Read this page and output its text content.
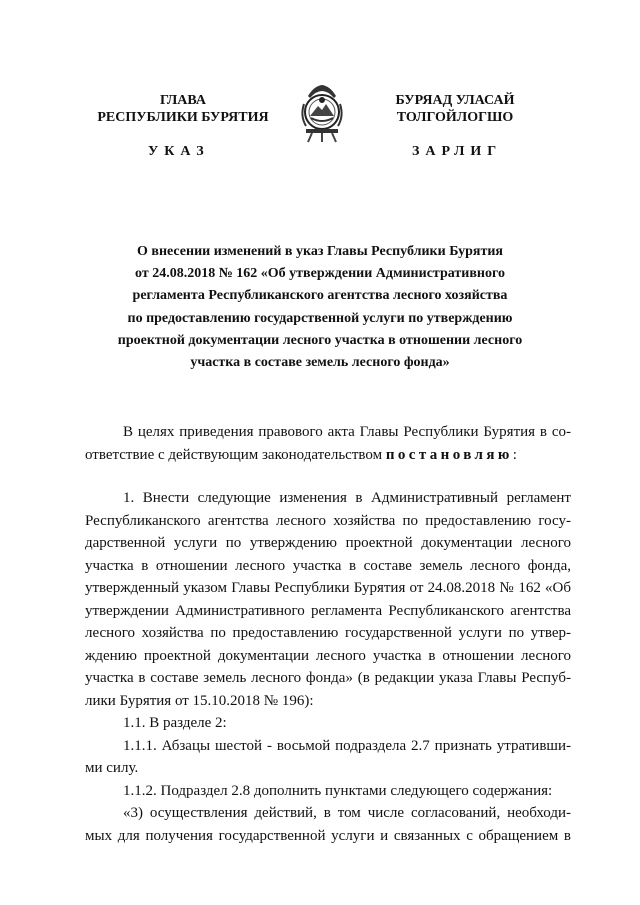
ГЛАВА
РЕСПУБЛИКИ БУРЯТИЯ
УКАЗ
БУРЯАД УЛАСАЙ
ТОЛГОЙЛОГШО
ЗАРЛИГ
О внесении изменений в указ Главы Республики Бурятия
от 24.08.2018 № 162 «Об утверждении Административного
регламента Республиканского агентства лесного хозяйства
по предоставлению государственной услуги по утверждению
проектной документации лесного участка в отношении лесного
участка в составе земель лесного фонда»
В целях приведения правового акта Главы Республики Бурятия в со-
ответствие с действующим законодательством постановляю:
1. Внести следующие изменения в Административный регламент
Республиканского агентства лесного хозяйства по предоставлению госу-
дарственной услуги по утверждению проектной документации лесного
участка в отношении лесного участка в составе земель лесного фонда,
утвержденный указом Главы Республики Бурятия от 24.08.2018 № 162 «Об
утверждении Административного регламента Республиканского агентства
лесного хозяйства по предоставлению государственной услуги по утвер-
ждению проектной документации лесного участка в отношении лесного
участка в составе земель лесного фонда» (в редакции указа Главы Респуб-
лики Бурятия от 15.10.2018 № 196):
1.1. В разделе 2:
1.1.1. Абзацы шестой - восьмой подраздела 2.7 признать утративши-
ми силу.
1.1.2. Подраздел 2.8 дополнить пунктами следующего содержания:
«3) осуществления действий, в том числе согласований, необходи-
мых для получения государственной услуги и связанных с обращением в
